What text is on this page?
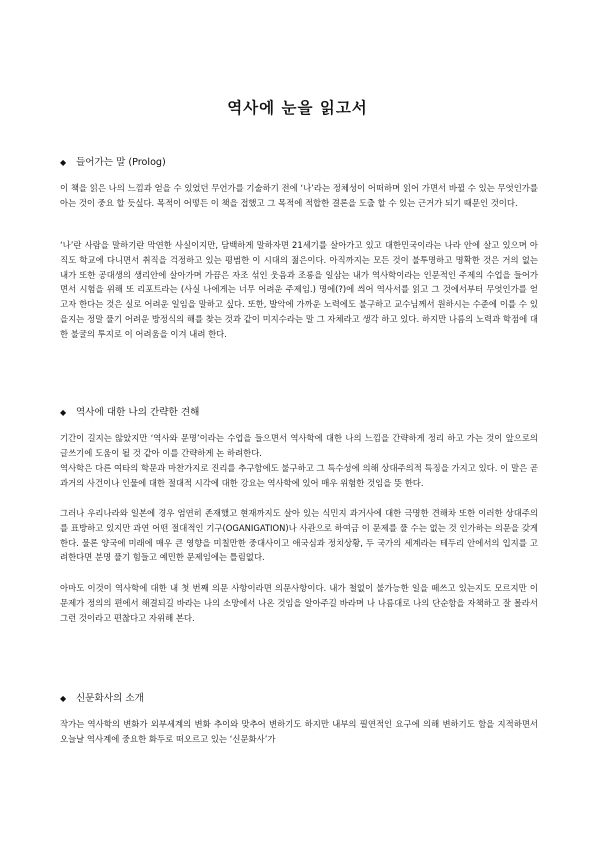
역사에 눈을 읽고서
◆ 들어가는 말 (Prolog)

이 책을 읽은 나의 느낌과 얻을 수 있었던 무언가를 기술하기 전에 ‘나’라는 정체성이 어떠하며 읽어 가면서 바뀔 수 있는 무엇인가를 아는 것이 중요 할 듯싶다. 목적이 어떻든 이 책을 접했고 그 목적에 적합한 결론을 도출 할 수 있는 근거가 되기 때문인 것이다.

‘나’란 사람을 말하기란 막연한 사실이지만, 담백하게 말하자면 21세기를 살아가고 있고 대한민국이라는 나라 안에 살고 있으며 아직도 학교에 다니면서 취직을 걱정하고 있는 평범한 이 시대의 젊은이다. 아직까지는 모든 것이 불투명하고 명확한 것은 거의 없는 내가 또한 공대생의 생리안에 살아가며 가끔은 자조 섞인 웃음과 조롱을 일삼는 내가 역사학이라는 인문적인 주제의 수업을 들어가면서 시험을 위해 또 리포트라는 (사실 나에게는 너무 어려운 주제임.) 명에(?)에 씌어 역사서를 읽고 그 것에서부터 무엇인가를 얻고자 한다는 것은 실로 어려운 일임을 말하고 싶다. 또한, 발악에 가까운 노력에도 불구하고 교수님께서 원하시는 수준에 이를 수 있을지는 정말 풀기 어려운 방정식의 해를 찾는 것과 같이 미지수라는 말 그 자체라고 생각 하고 있다. 하지만 나름의 노력과 학점에 대한 불굴의 투지로 이 어려움을 이겨 내려 한다.

◆ 역사에 대한 나의 간략한 견해

기간이 길지는 않았지만 ‘역사와 문명’이라는 수업을 들으면서 역사학에 대한 나의 느낌을 간략하게 정리 하고 가는 것이 앞으로의 글쓰기에 도움이 될 것 같아 이를 간략하게 논 하려한다.

역사학은 다른 여타의 학문과 마찬가지로 진리를 추구함에도 불구하고 그 특수성에 의해 상대주의적 특징을 가지고 있다. 이 말은 곧 과거의 사건이나 인물에 대한 절대적 시각에 대한 강요는 역사학에 있어 매우 위험한 것임을 뜻 한다.

그러나 우리나라와 일본에 경우 엄연히 존재했고 현재까지도 살아 있는 식민지 과거사에 대한 극명한 견해차 또한 이러한 상대주의를 표방하고 있지만 과연 어떤 절대적인 기구(OGANIGATION)나 사관으로 하여금 이 문제를 풀 수는 없는 것 인가하는 의문을 갖게 한다. 물론 양국에 미래에 매우 큰 영향을 미칠만한 중대사이고 애국심과 정치상황, 두 국가의 세계라는 테두리 안에서의 입지를 고려한다면 분명 풀기 힘들고 예민한 문제임에는 틀림없다.

아마도 이것이 역사학에 대한 내 첫 번째 의문 사항이라면 의문사항이다. 내가 철없이 불가능한 일을 떼쓰고 있는지도 모르지만 이 문제가 정의의 편에서 해결되길 바라는 나의 소망에서 나온 것임을 알아주길 바라며 나 나름대로 나의 단순함을 자책하고 잘 몰라서 그런 것이라고 편찮다고 자위해 본다.

◆ 신문화사의 소개

작가는 역사학의 변화가 외부세계의 변화 추이와 맞추어 변하기도 하지만 내부의 필연적인 요구에 의해 변하기도 함을 지적하면서 오늘날 역사계에 중요한 화두로 떠오르고 있는 ‘신문화사’가
